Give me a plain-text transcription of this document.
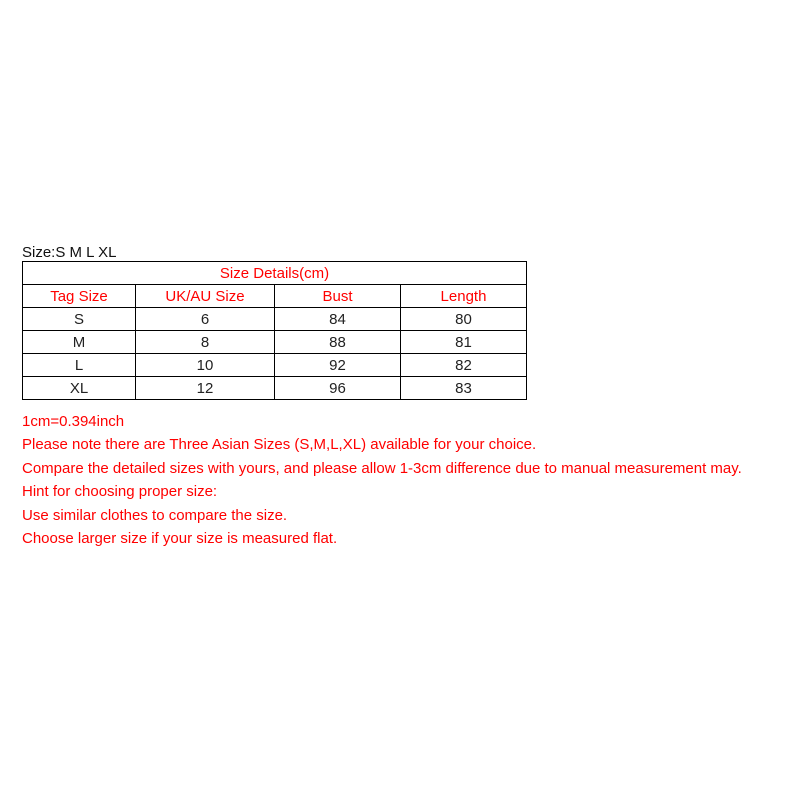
Size:S M L XL
Size Details(cm)			
Tag Size	UK/AU Size	Bust	Length
S	6	84	80
M	8	88	81
L	10	92	82
XL	12	96	83
1cm=0.394inch
Please note there are Three Asian Sizes (S,M,L,XL) available for your choice.
Compare the detailed sizes with yours, and please allow 1-3cm difference due to manual measurement may.
Hint for choosing proper size:
Use similar clothes to compare the size.
Choose larger size if your size is measured flat.
